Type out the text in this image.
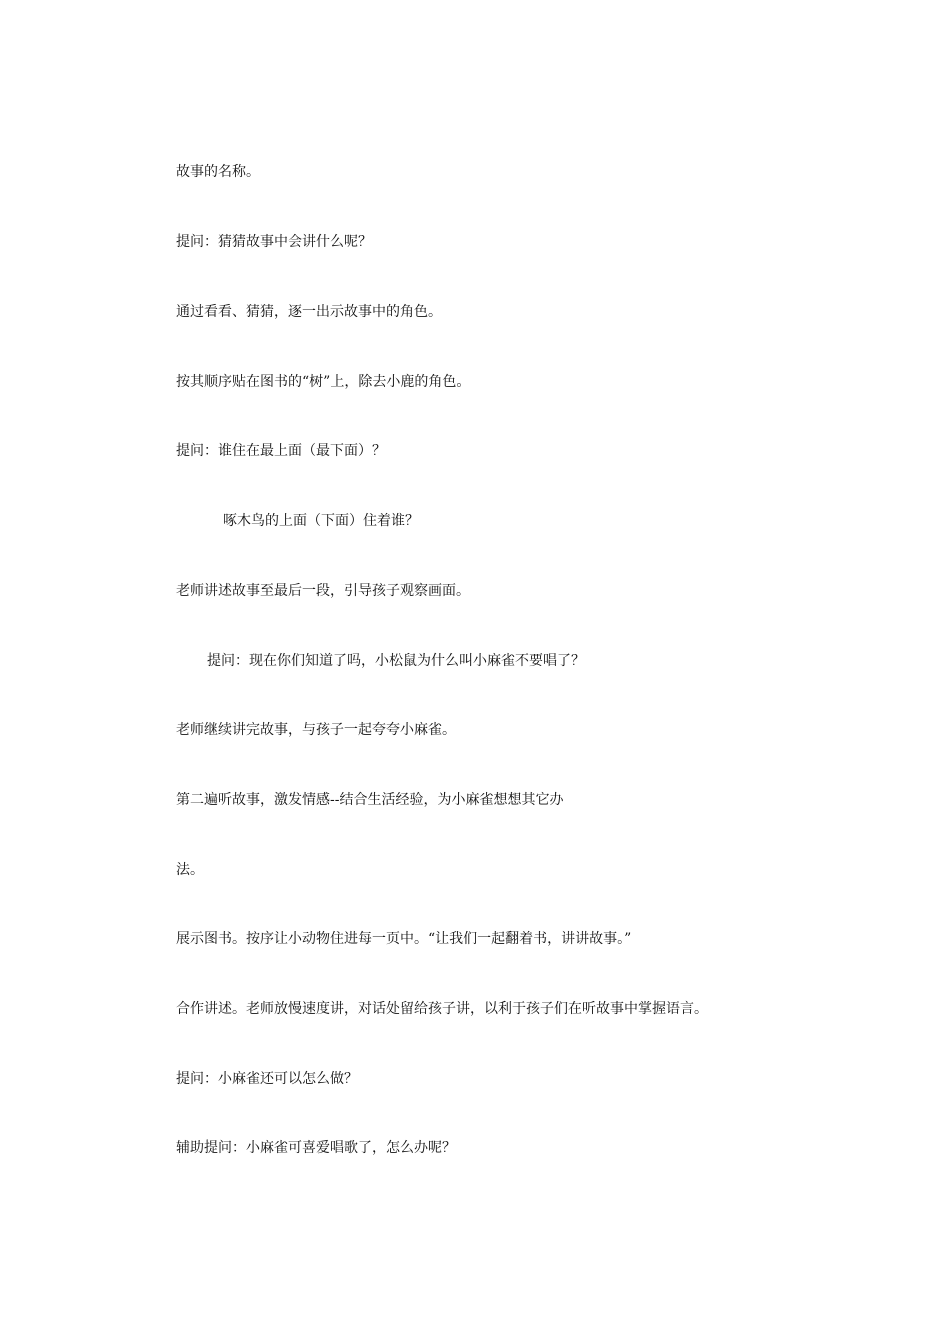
故事的名称。

提问：猜猜故事中会讲什么呢？

通过看看、猜猜，逐一出示故事中的角色。

按其顺序贴在图书的“树”上，除去小鹿的角色。

提问：谁住在最上面（最下面）？

啄木鸟的上面（下面）住着谁？

老师讲述故事至最后一段，引导孩子观察画面。

提问：现在你们知道了吗，小松鼠为什么叫小麻雀不要唱了？

老师继续讲完故事，与孩子一起夸夸小麻雀。

第二遍听故事，激发情感--结合生活经验，为小麻雀想想其它办

法。

展示图书。按序让小动物住进每一页中。“让我们一起翻着书，讲讲故事。”

合作讲述。老师放慢速度讲，对话处留给孩子讲，以利于孩子们在听故事中掌握语言。

提问：小麻雀还可以怎么做？

辅助提问：小麻雀可喜爱唱歌了，怎么办呢？
